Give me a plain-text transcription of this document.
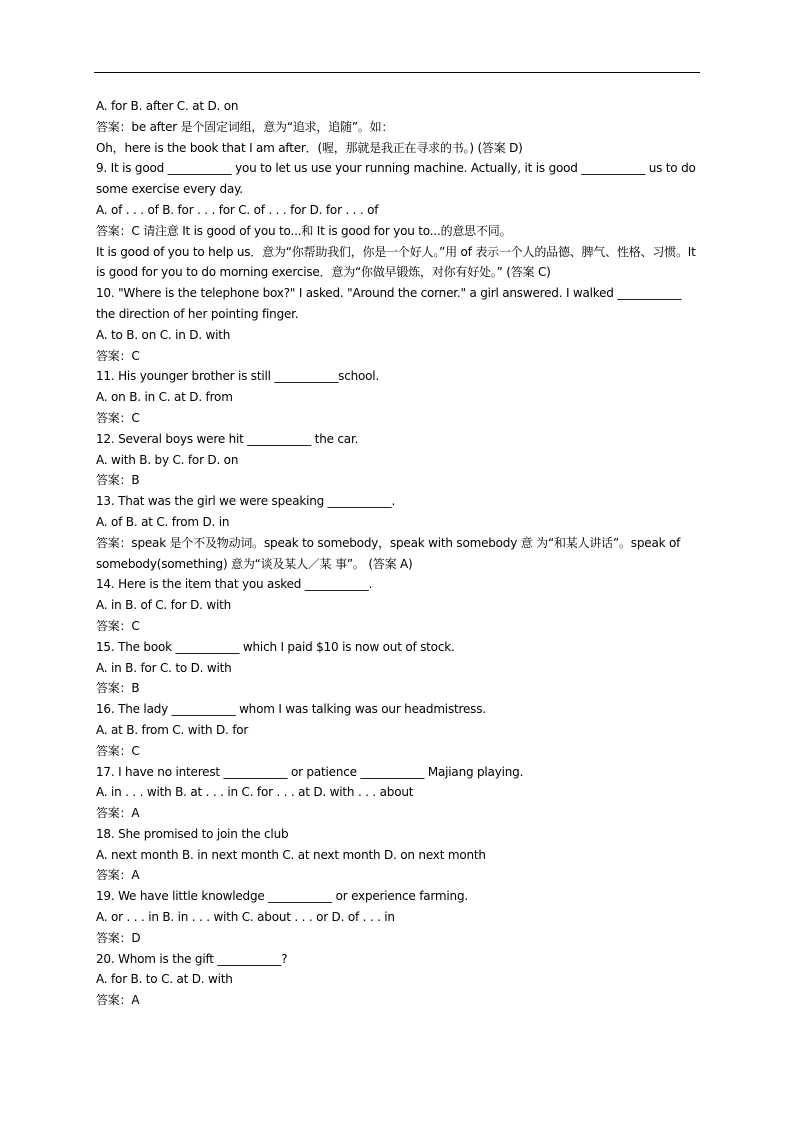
A. for B. after C. at D. on

答案：be after 是个固定词组，意为“追求，追随”。如：

Oh，here is the book that I am after．(喔，那就是我正在寻求的书。) (答案 D)

9. It is good ___________ you to let us use your running machine. Actually, it is good ___________ us to do some exercise every day.

A. of . . . of B. for . . . for C. of . . . for D. for . . . of

答案：C 请注意 It is good of you to...和 It is good for you to...的意思不同。

It is good of you to help us．意为“你帮助我们，你是一个好人。”用 of 表示一个人的品德、脾气、性格、习惯。It is good for you to do morning exercise．意为“你做早锻炼，对你有好处。” (答案 C)

10. "Where is the telephone box?" I asked. "Around the corner." a girl answered. I walked ___________ the direction of her pointing finger.

A. to B. on C. in D. with

答案：C

11. His younger brother is still ___________school.

A. on B. in C. at D. from

答案：C

12. Several boys were hit ___________ the car.

A. with B. by C. for D. on

答案：B

13. That was the girl we were speaking ___________.

A. of B. at C. from D. in

答案：speak 是个不及物动词。speak to somebody，speak with somebody 意 为“和某人讲话”。speak of somebody(something) 意为“谈及某人／某 事”。 (答案 A)

14. Here is the item that you asked ___________.

A. in B. of C. for D. with

答案：C

15. The book ___________ which I paid $10 is now out of stock.

A. in B. for C. to D. with

答案：B

16. The lady ___________ whom I was talking was our headmistress.

A. at B. from C. with D. for

答案：C

17. I have no interest ___________ or patience ___________ Majiang playing.

A. in . . . with B. at . . . in C. for . . . at D. with . . . about

答案：A

18. She promised to join the club

A. next month B. in next month C. at next month D. on next month

答案：A

19. We have little knowledge ___________ or experience farming.

A. or . . . in B. in . . . with C. about . . . or D. of . . . in

答案：D

20. Whom is the gift ___________?

A. for B. to C. at D. with

答案：A
